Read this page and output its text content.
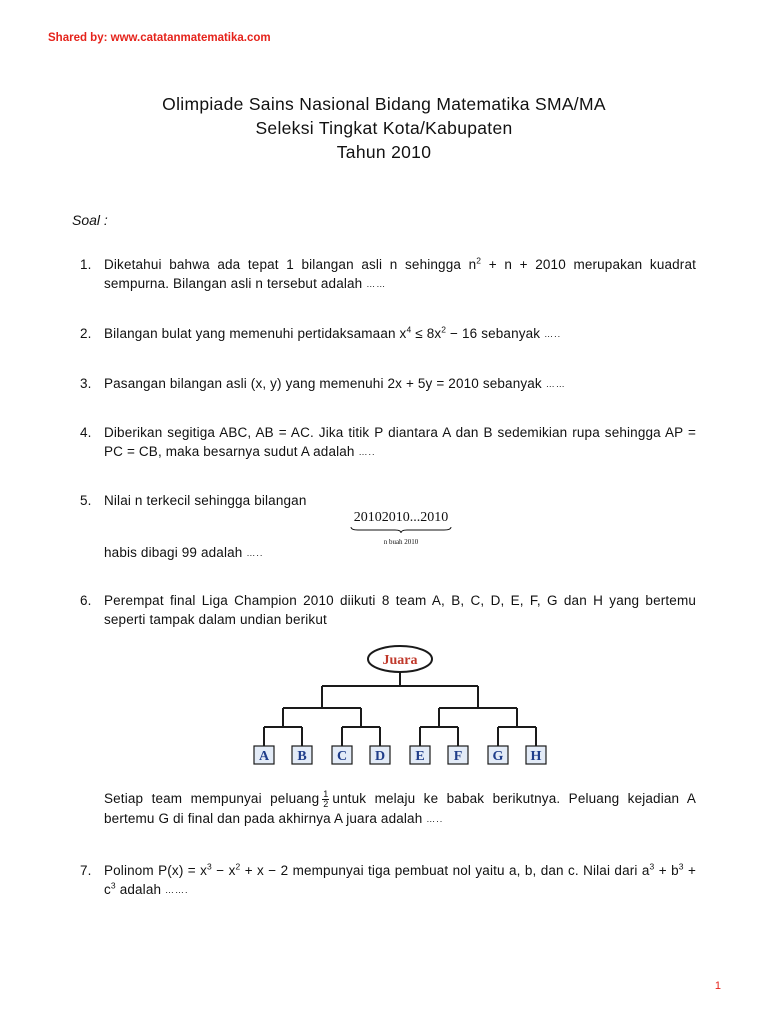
Shared by: www.catatanmatematika.com
Olimpiade Sains Nasional Bidang Matematika SMA/MA
Seleksi Tingkat Kota/Kabupaten
Tahun 2010
Soal :
1. Diketahui bahwa ada tepat 1 bilangan asli n sehingga $n^2 + n + 2010$ merupakan kuadrat sempurna. Bilangan asli n tersebut adalah ……
2. Bilangan bulat yang memenuhi pertidaksamaan $x^4 \le 8x^2 - 16$ sebanyak …..
3. Pasangan bilangan asli (x, y) yang memenuhi 2x + 5y = 2010 sebanyak ……
4. Diberikan segitiga ABC, AB = AC. Jika titik P diantara A dan B sedemikian rupa sehingga AP = PC = CB, maka besarnya sudut A adalah …..
5. Nilai n terkecil sehingga bilangan
20102010...2010
n buah 2010
habis dibagi 99 adalah …..
6. Perempat final Liga Champion 2010 diikuti 8 team A, B, C, D, E, F, G dan H yang bertemu seperti tampak dalam undian berikut
Juara
A B C D E F G H
Setiap team mempunyai peluang $\frac{1}{2}$ untuk melaju ke babak berikutnya. Peluang kejadian A bertemu G di final dan pada akhirnya A juara adalah …..
7. Polinom $P(x) = x^3 - x^2 + x - 2$ mempunyai tiga pembuat nol yaitu a, b, dan c. Nilai dari $a^3 + b^3 + c^3$ adalah …….
1
